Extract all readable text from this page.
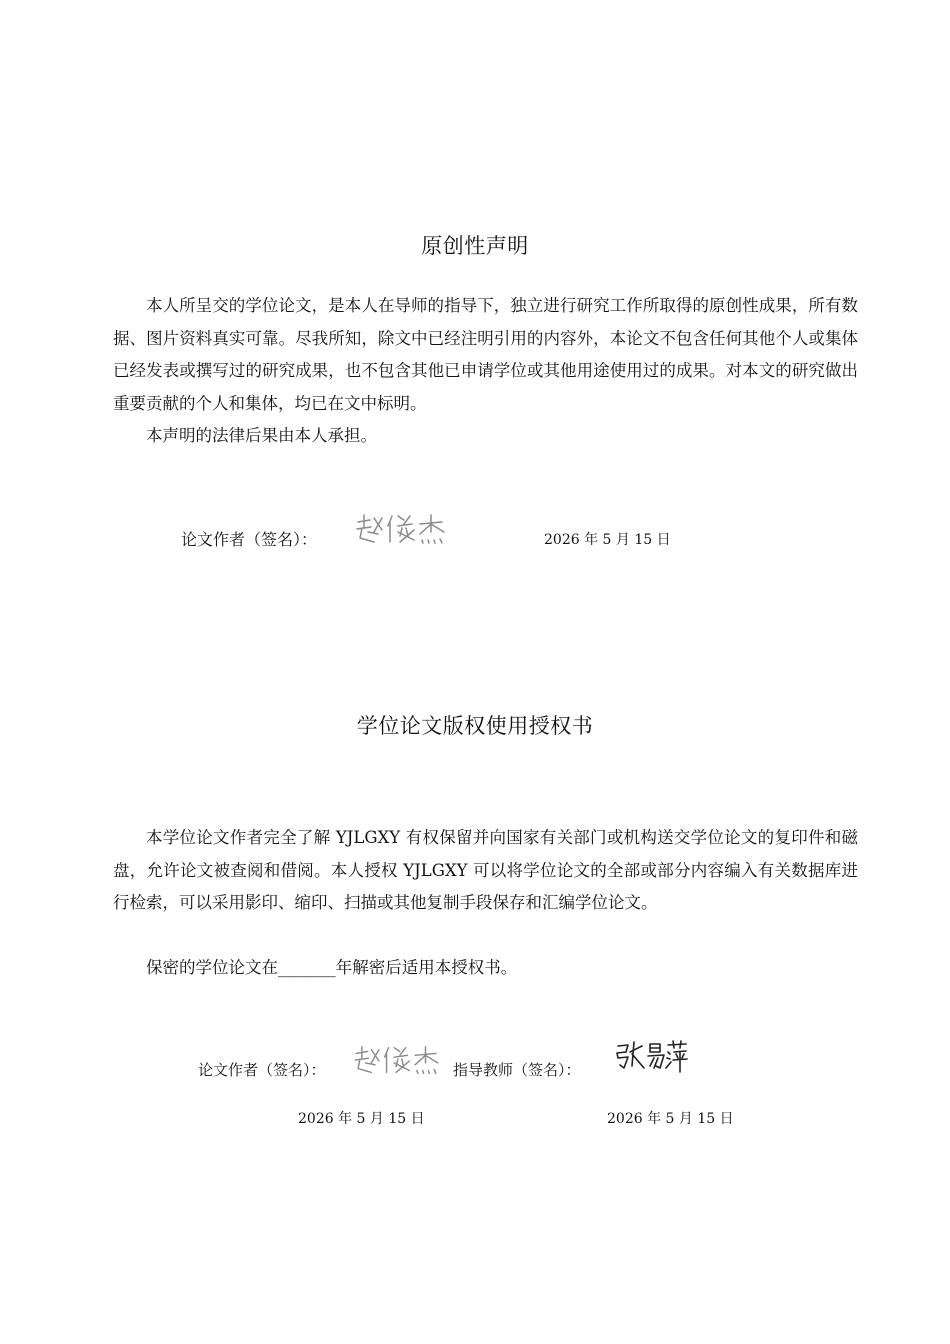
原创性声明

本人所呈交的学位论文，是本人在导师的指导下，独立进行研究工作所取得的原创性成果，所有数据、图片资料真实可靠。尽我所知，除文中已经注明引用的内容外，本论文不包含任何其他个人或集体已经发表或撰写过的研究成果，也不包含其他已申请学位或其他用途使用过的成果。对本文的研究做出重要贡献的个人和集体，均已在文中标明。

本声明的法律后果由本人承担。

论文作者（签名）：	2026 年 5 月 15 日
学位论文版权使用授权书

本学位论文作者完全了解 YJLGXY 有权保留并向国家有关部门或机构送交学位论文的复印件和磁盘，允许论文被查阅和借阅。本人授权 YJLGXY 可以将学位论文的全部或部分内容编入有关数据库进行检索，可以采用影印、缩印、扫描或其他复制手段保存和汇编学位论文。

保密的学位论文在_______年解密后适用本授权书。

论文作者（签名）：	指导教师（签名）：
2026 年 5 月 15 日	2026 年 5 月 15 日
